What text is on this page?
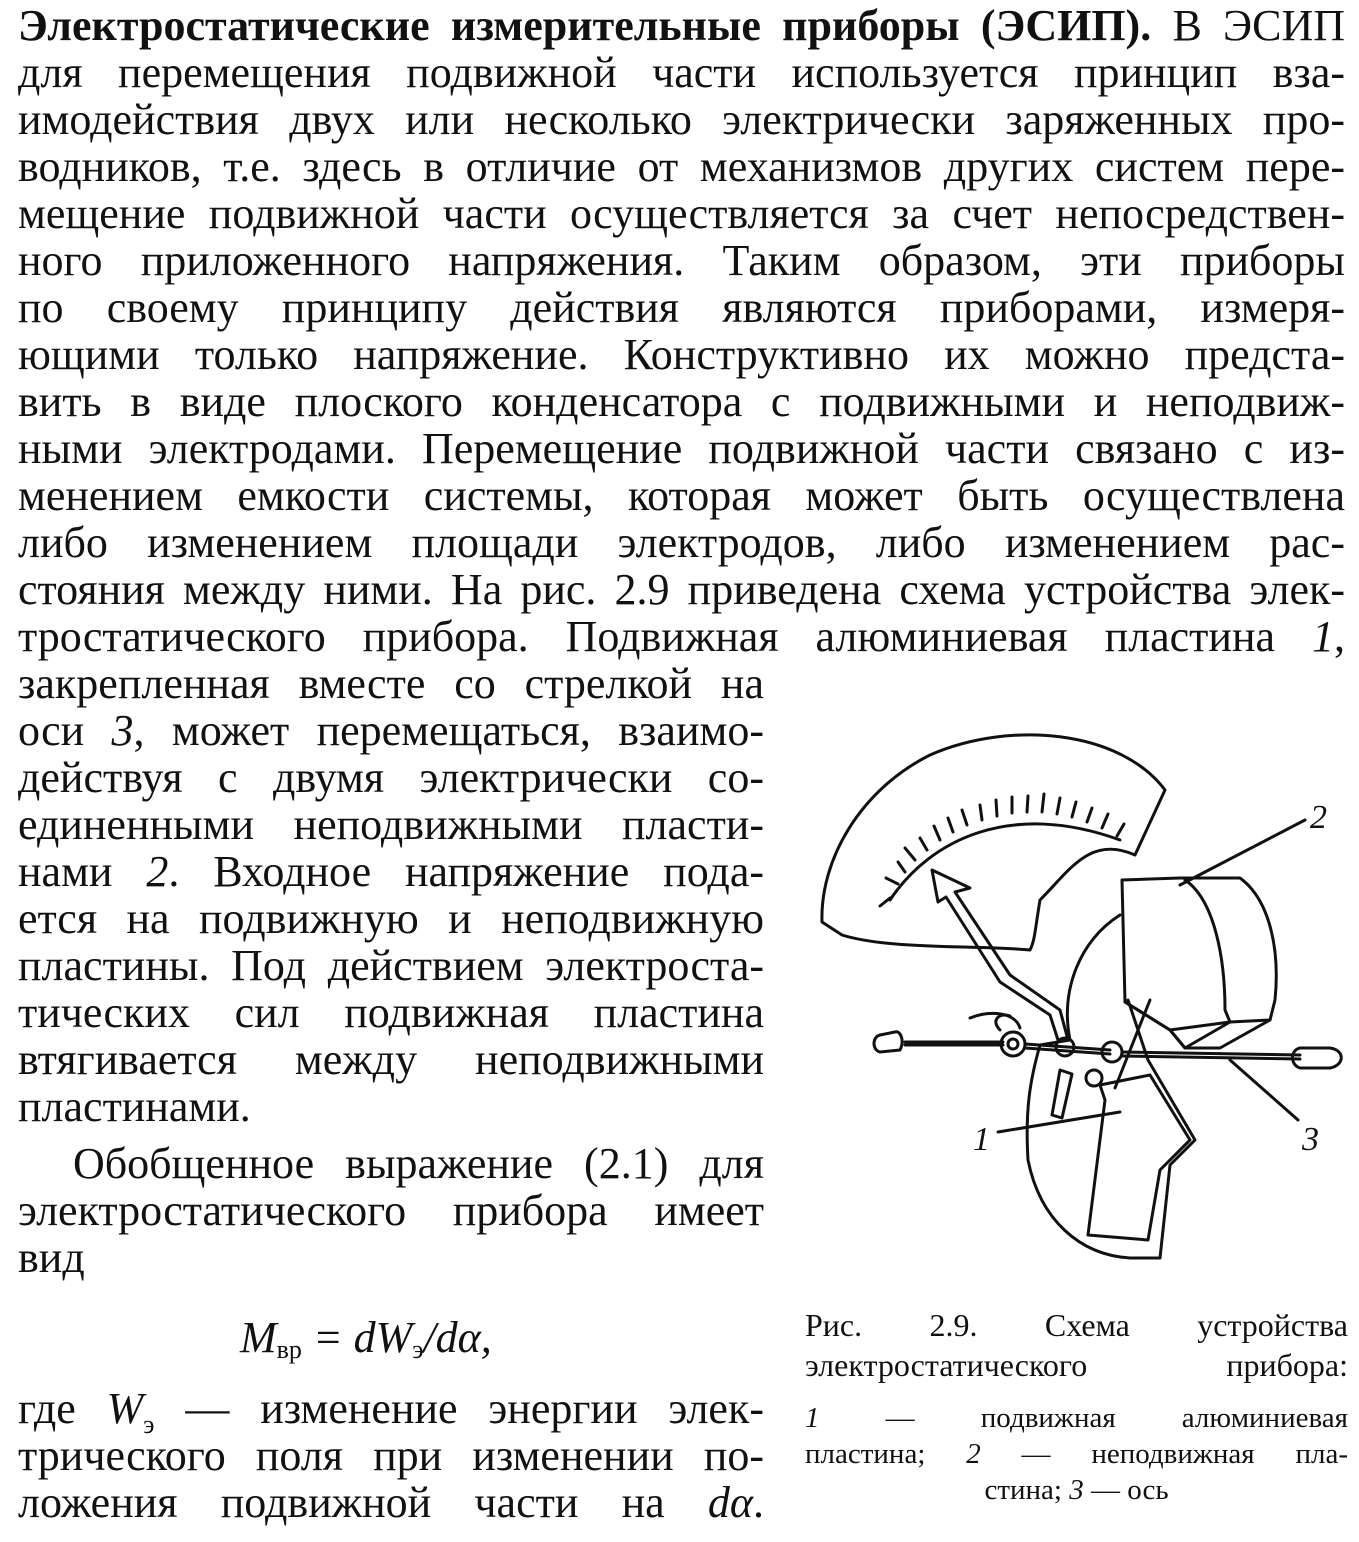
Электростатические измерительные приборы (ЭСИП). В ЭСИП
для перемещения подвижной части используется принцип вза-
имодействия двух или несколько электрически заряженных про-
водников, т.е. здесь в отличие от механизмов других систем пере-
мещение подвижной части осуществляется за счет непосредствен-
ного приложенного напряжения. Таким образом, эти приборы
по своему принципу действия являются приборами, измеря-
ющими только напряжение. Конструктивно их можно предста-
вить в виде плоского конденсатора с подвижными и неподвиж-
ными электродами. Перемещение подвижной части связано с из-
менением емкости системы, которая может быть осуществлена
либо изменением площади электродов, либо изменением рас-
стояния между ними. На рис. 2.9 приведена схема устройства элек-
тростатического прибора. Подвижная алюминиевая пластина 1,
закрепленная вместе со стрелкой на
оси 3, может перемещаться, взаимо-
действуя с двумя электрически со-
единенными неподвижными пласти-
нами 2. Входное напряжение пода-
ется на подвижную и неподвижную
пластины. Под действием электроста-
тических сил подвижная пластина
втягивается между неподвижными
пластинами.
Обобщенное выражение (2.1) для
электростатического прибора имеет
вид
$M_{вр} = dW_э/d\alpha$,
где $W_э$ — изменение энергии элек-
трического поля при изменении по-
ложения подвижной части на dα.
2
1	3
Рис. 2.9. Схема устройства
электростатического прибора:
1 — подвижная алюминиевая
пластина; 2 — неподвижная пла-
стина; 3 — ось
